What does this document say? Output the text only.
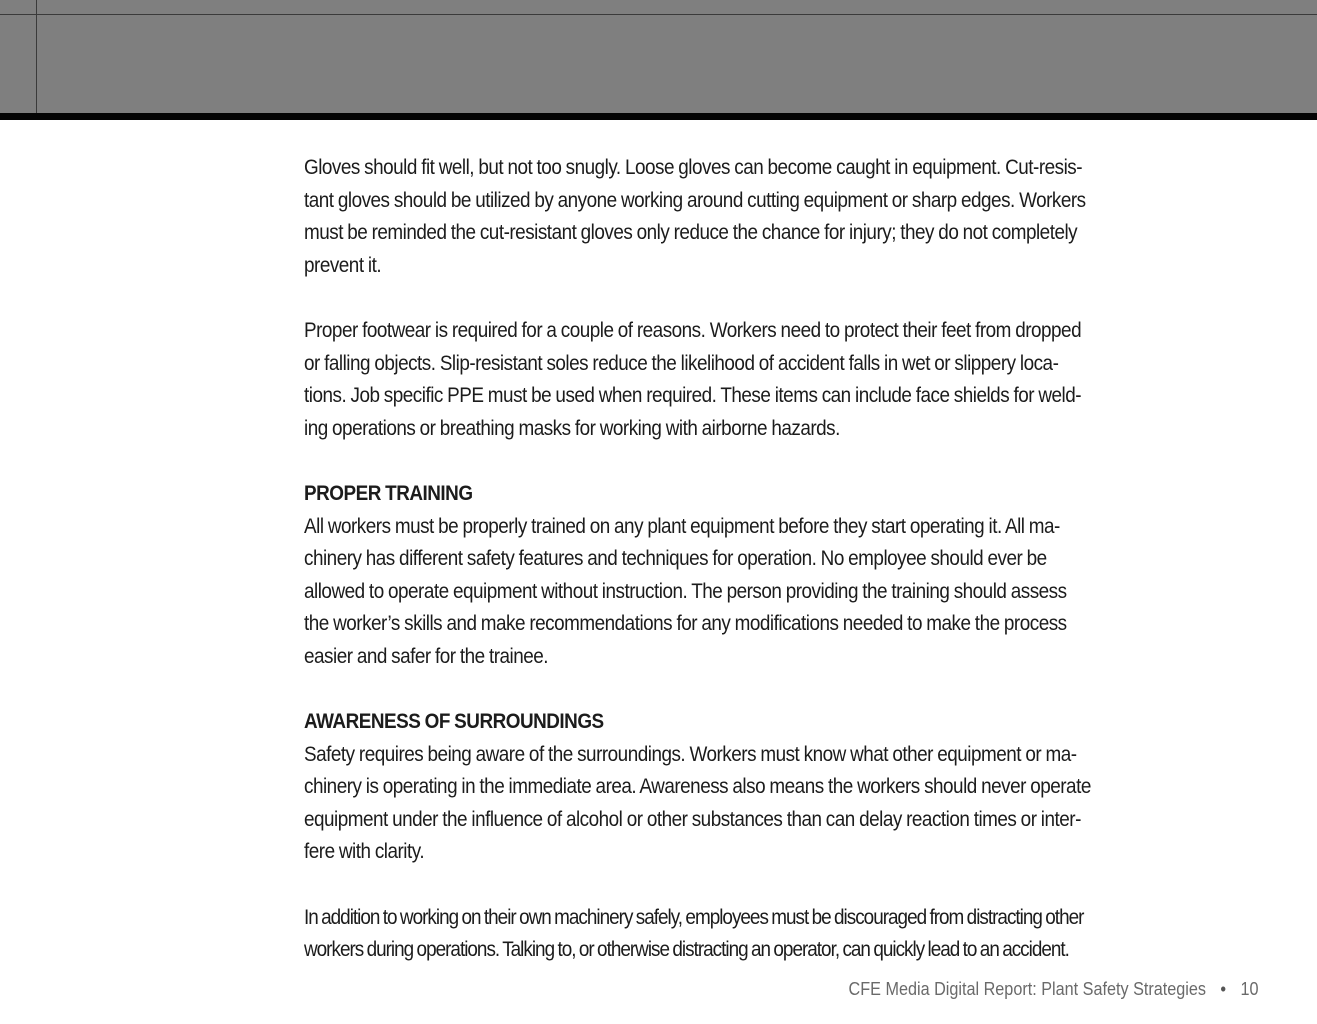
Gloves should fit well, but not too snugly. Loose gloves can become caught in equipment. Cut-resis-
tant gloves should be utilized by anyone working around cutting equipment or sharp edges. Workers
must be reminded the cut-resistant gloves only reduce the chance for injury; they do not completely
prevent it.

Proper footwear is required for a couple of reasons. Workers need to protect their feet from dropped
or falling objects. Slip-resistant soles reduce the likelihood of accident falls in wet or slippery loca-
tions. Job specific PPE must be used when required. These items can include face shields for weld-
ing operations or breathing masks for working with airborne hazards.

PROPER TRAINING
All workers must be properly trained on any plant equipment before they start operating it. All ma-
chinery has different safety features and techniques for operation. No employee should ever be
allowed to operate equipment without instruction. The person providing the training should assess
the worker’s skills and make recommendations for any modifications needed to make the process
easier and safer for the trainee.

AWARENESS OF SURROUNDINGS
Safety requires being aware of the surroundings. Workers must know what other equipment or ma-
chinery is operating in the immediate area. Awareness also means the workers should never operate
equipment under the influence of alcohol or other substances than can delay reaction times or inter-
fere with clarity.

In addition to working on their own machinery safely, employees must be discouraged from distracting other
workers during operations. Talking to, or otherwise distracting an operator, can quickly lead to an accident.

CFE Media Digital Report: Plant Safety Strategies • 10
